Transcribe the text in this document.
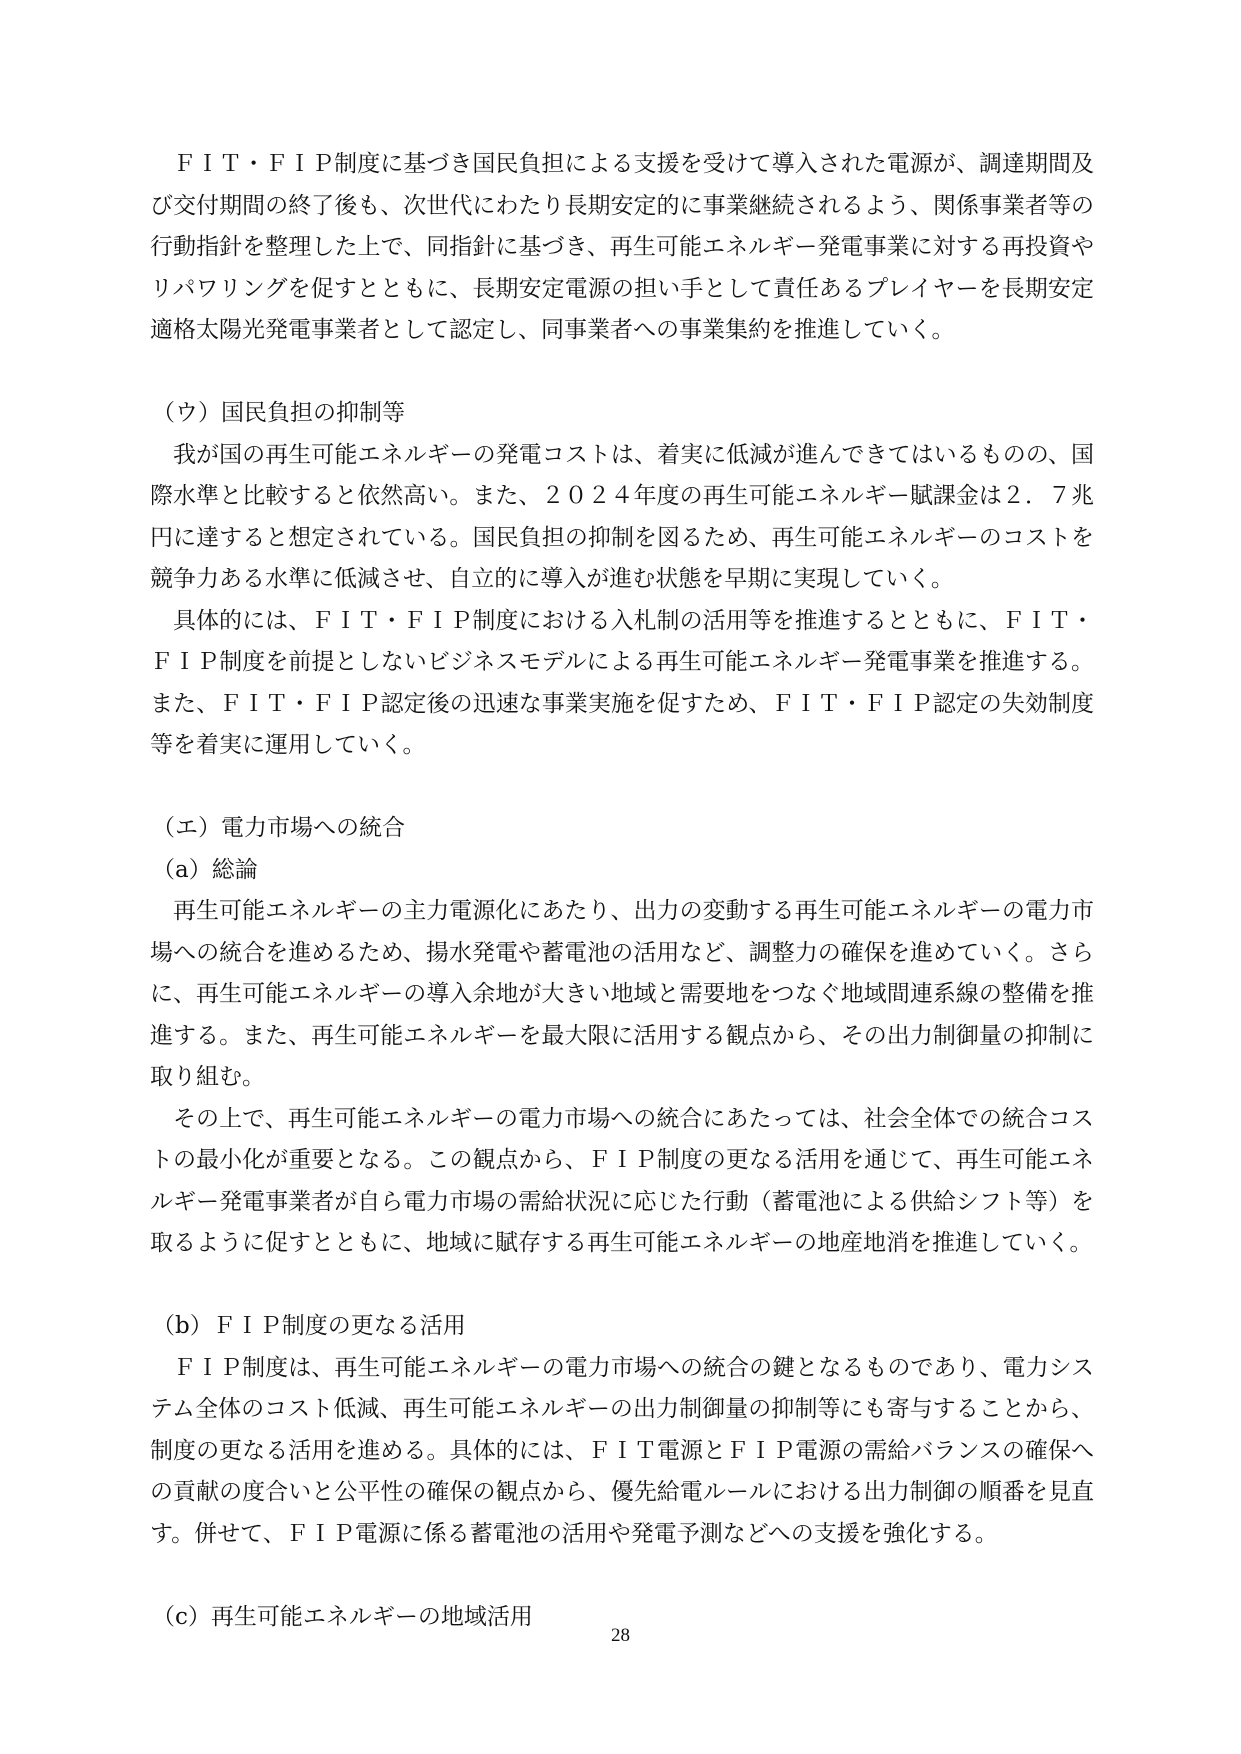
ＦＩＴ・ＦＩＰ制度に基づき国民負担による支援を受けて導入された電源が、調達期間及び交付期間の終了後も、次世代にわたり長期安定的に事業継続されるよう、関係事業者等の行動指針を整理した上で、同指針に基づき、再生可能エネルギー発電事業に対する再投資やリパワリングを促すとともに、長期安定電源の担い手として責任あるプレイヤーを長期安定適格太陽光発電事業者として認定し、同事業者への事業集約を推進していく。

（ウ）国民負担の抑制等

我が国の再生可能エネルギーの発電コストは、着実に低減が進んできてはいるものの、国際水準と比較すると依然高い。また、２０２４年度の再生可能エネルギー賦課金は２．７兆円に達すると想定されている。国民負担の抑制を図るため、再生可能エネルギーのコストを競争力ある水準に低減させ、自立的に導入が進む状態を早期に実現していく。

具体的には、ＦＩＴ・ＦＩＰ制度における入札制の活用等を推進するとともに、ＦＩＴ・ＦＩＰ制度を前提としないビジネスモデルによる再生可能エネルギー発電事業を推進する。また、ＦＩＴ・ＦＩＰ認定後の迅速な事業実施を促すため、ＦＩＴ・ＦＩＰ認定の失効制度等を着実に運用していく。

（エ）電力市場への統合

（a）総論

再生可能エネルギーの主力電源化にあたり、出力の変動する再生可能エネルギーの電力市場への統合を進めるため、揚水発電や蓄電池の活用など、調整力の確保を進めていく。さらに、再生可能エネルギーの導入余地が大きい地域と需要地をつなぐ地域間連系線の整備を推進する。また、再生可能エネルギーを最大限に活用する観点から、その出力制御量の抑制に取り組む。

その上で、再生可能エネルギーの電力市場への統合にあたっては、社会全体での統合コストの最小化が重要となる。この観点から、ＦＩＰ制度の更なる活用を通じて、再生可能エネルギー発電事業者が自ら電力市場の需給状況に応じた行動（蓄電池による供給シフト等）を取るように促すとともに、地域に賦存する再生可能エネルギーの地産地消を推進していく。

（b）ＦＩＰ制度の更なる活用

ＦＩＰ制度は、再生可能エネルギーの電力市場への統合の鍵となるものであり、電力システム全体のコスト低減、再生可能エネルギーの出力制御量の抑制等にも寄与することから、制度の更なる活用を進める。具体的には、ＦＩＴ電源とＦＩＰ電源の需給バランスの確保への貢献の度合いと公平性の確保の観点から、優先給電ルールにおける出力制御の順番を見直す。併せて、ＦＩＰ電源に係る蓄電池の活用や発電予測などへの支援を強化する。

（c）再生可能エネルギーの地域活用

28
